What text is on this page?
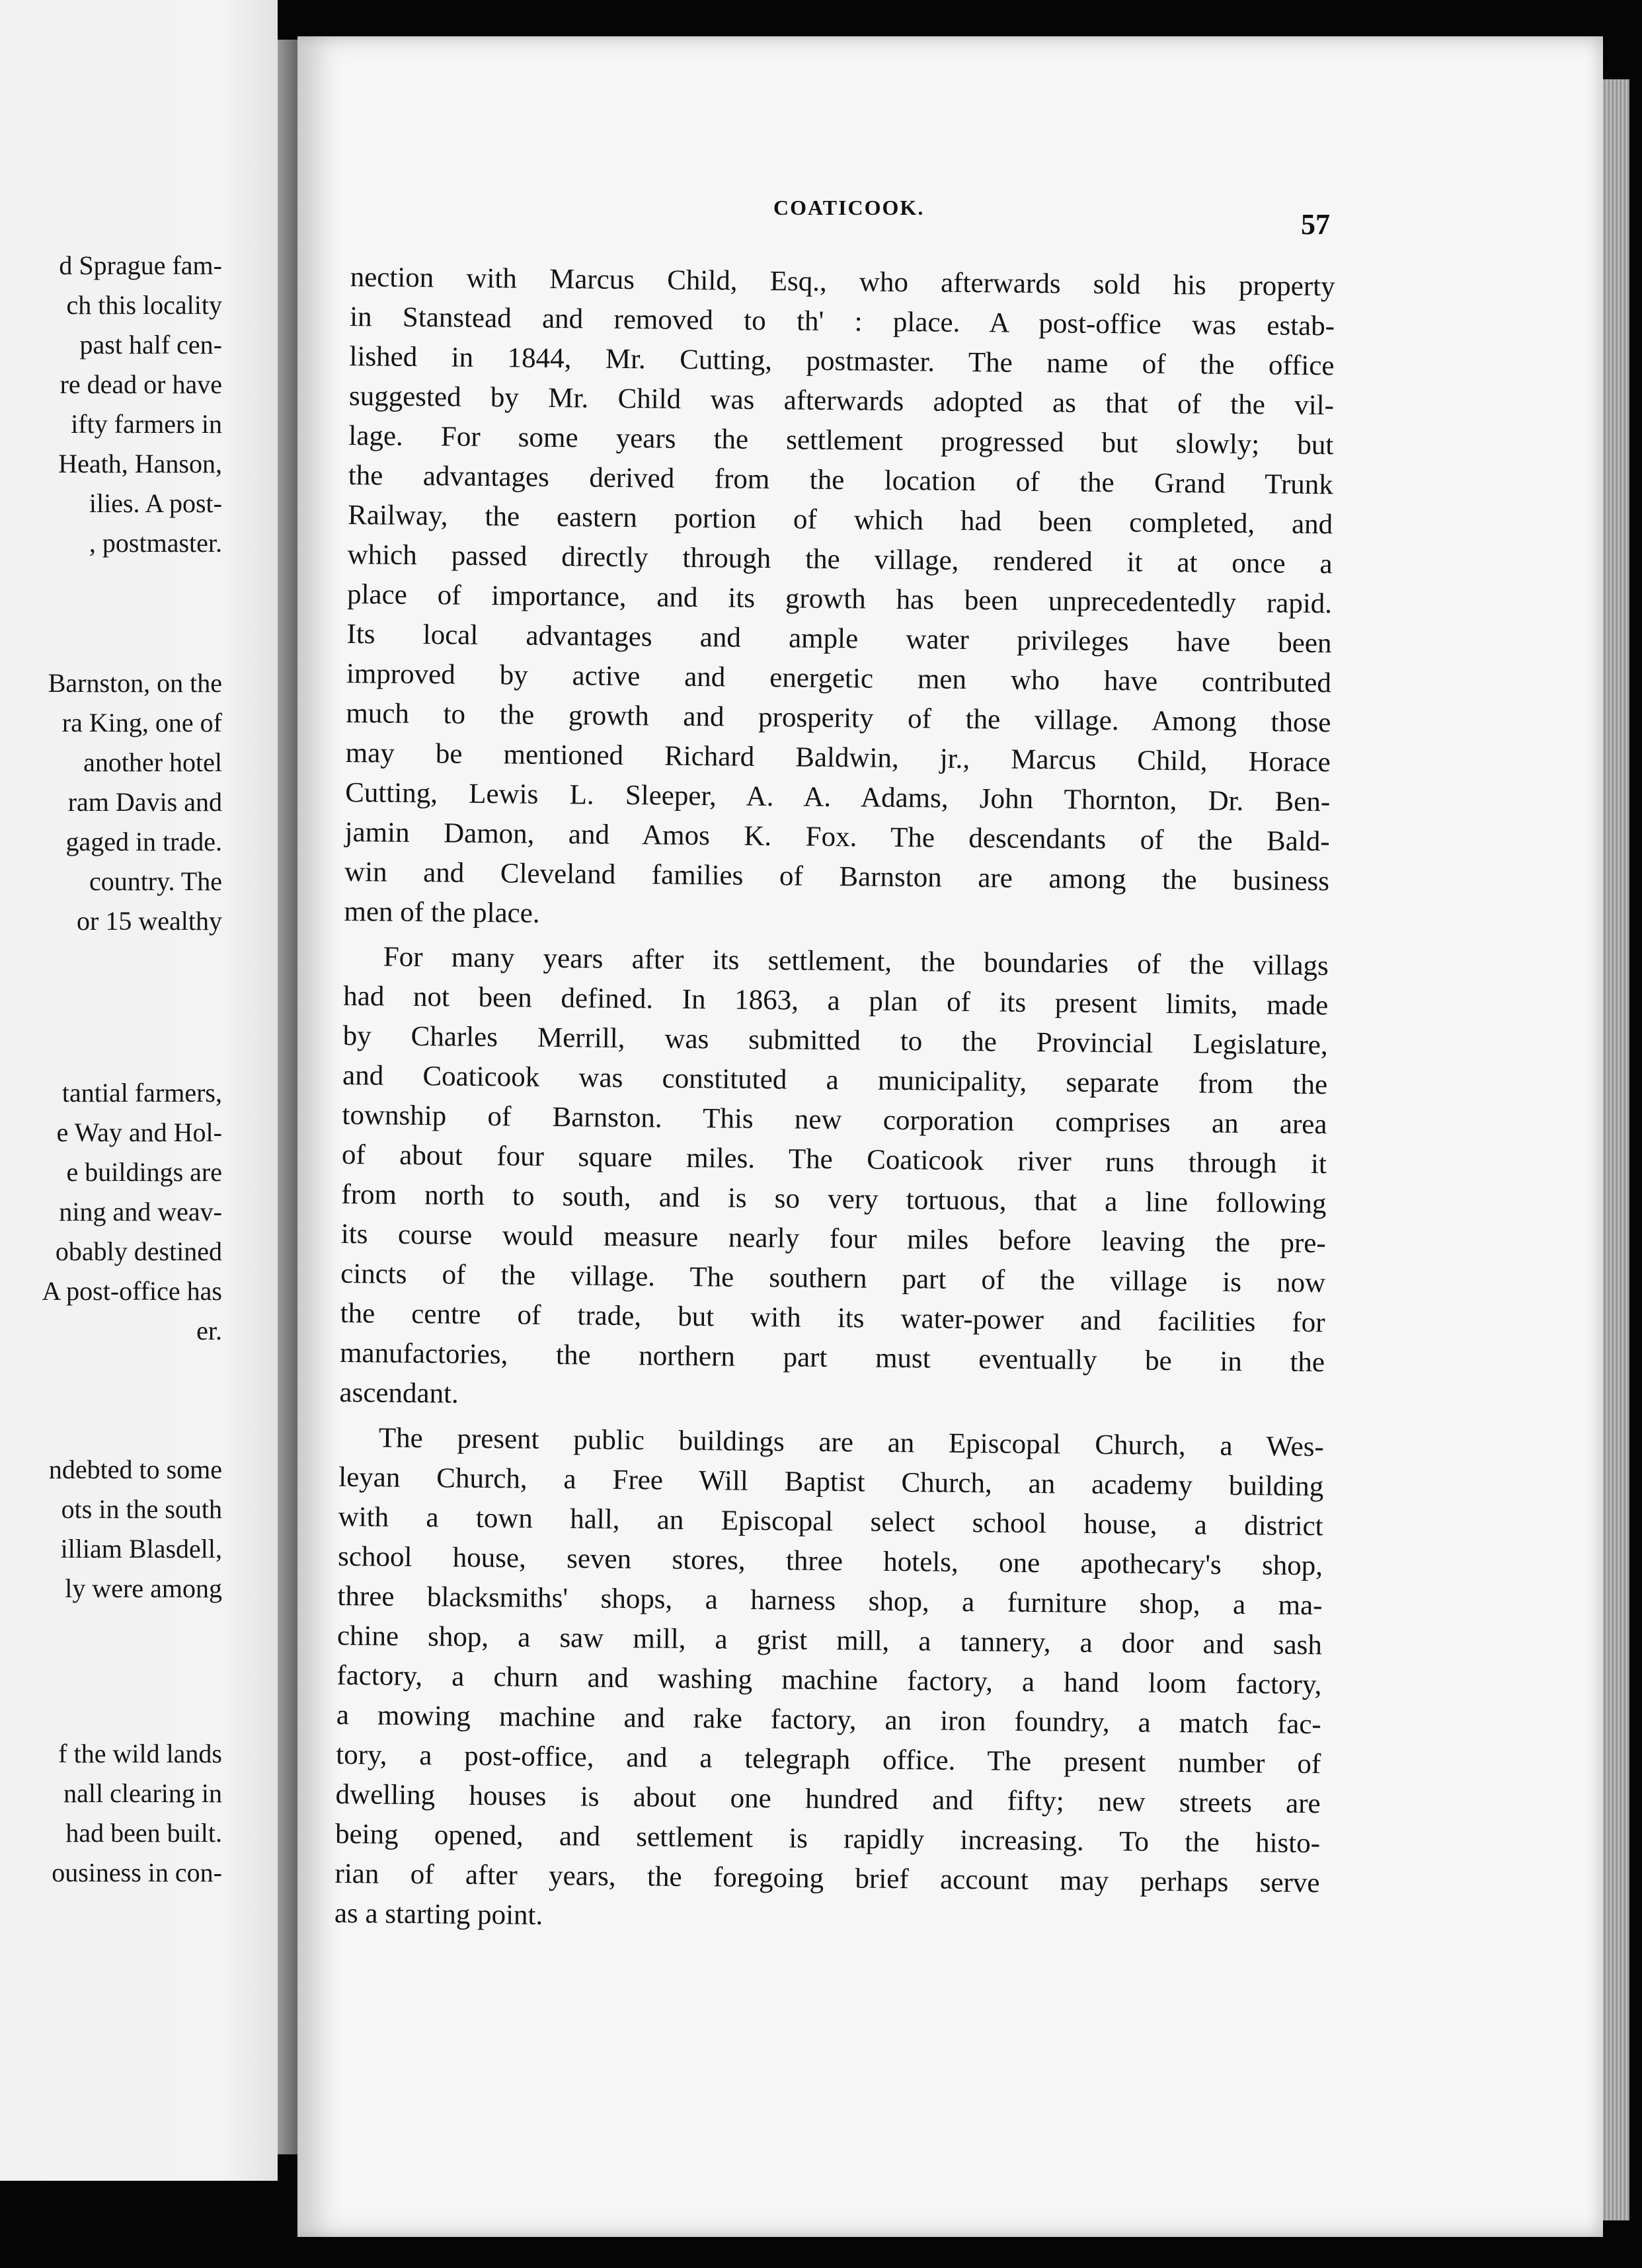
d Sprague fam-
ch this locality
past half cen-
re dead or have
ifty farmers in
Heath, Hanson,
ilies. A post-
, postmaster.
Barnston, on the
ra King, one of
another hotel
ram Davis and
gaged in trade.
country. The
or 15 wealthy
tantial farmers,
e Way and Hol-
e buildings are
ning and weav-
obably destined
A post-office has
er.
ndebted to some
ots in the south
illiam Blasdell,
ly were among
f the wild lands
nall clearing in
had been built.
ousiness in con-
COATICOOK.
57
nection with Marcus Child, Esq., who afterwards sold his property
in Stanstead and removed to th' : place. A post-office was estab-
lished in 1844, Mr. Cutting, postmaster. The name of the office
suggested by Mr. Child was afterwards adopted as that of the vil-
lage. For some years the settlement progressed but slowly; but
the advantages derived from the location of the Grand Trunk
Railway, the eastern portion of which had been completed, and
which passed directly through the village, rendered it at once a
place of importance, and its growth has been unprecedentedly rapid.
Its local advantages and ample water privileges have been
improved by active and energetic men who have contributed
much to the growth and prosperity of the village. Among those
may be mentioned Richard Baldwin, jr., Marcus Child, Horace
Cutting, Lewis L. Sleeper, A. A. Adams, John Thornton, Dr. Ben-
jamin Damon, and Amos K. Fox. The descendants of the Bald-
win and Cleveland families of Barnston are among the business
men of the place.
For many years after its settlement, the boundaries of the villags
had not been defined. In 1863, a plan of its present limits, made
by Charles Merrill, was submitted to the Provincial Legislature,
and Coaticook was constituted a municipality, separate from the
township of Barnston. This new corporation comprises an area
of about four square miles. The Coaticook river runs through it
from north to south, and is so very tortuous, that a line following
its course would measure nearly four miles before leaving the pre-
cincts of the village. The southern part of the village is now
the centre of trade, but with its water-power and facilities for
manufactories, the northern part must eventually be in the
ascendant.
The present public buildings are an Episcopal Church, a Wes-
leyan Church, a Free Will Baptist Church, an academy building
with a town hall, an Episcopal select school house, a district
school house, seven stores, three hotels, one apothecary's shop,
three blacksmiths' shops, a harness shop, a furniture shop, a ma-
chine shop, a saw mill, a grist mill, a tannery, a door and sash
factory, a churn and washing machine factory, a hand loom factory,
a mowing machine and rake factory, an iron foundry, a match fac-
tory, a post-office, and a telegraph office. The present number of
dwelling houses is about one hundred and fifty; new streets are
being opened, and settlement is rapidly increasing. To the histo-
rian of after years, the foregoing brief account may perhaps serve
as a starting point.
